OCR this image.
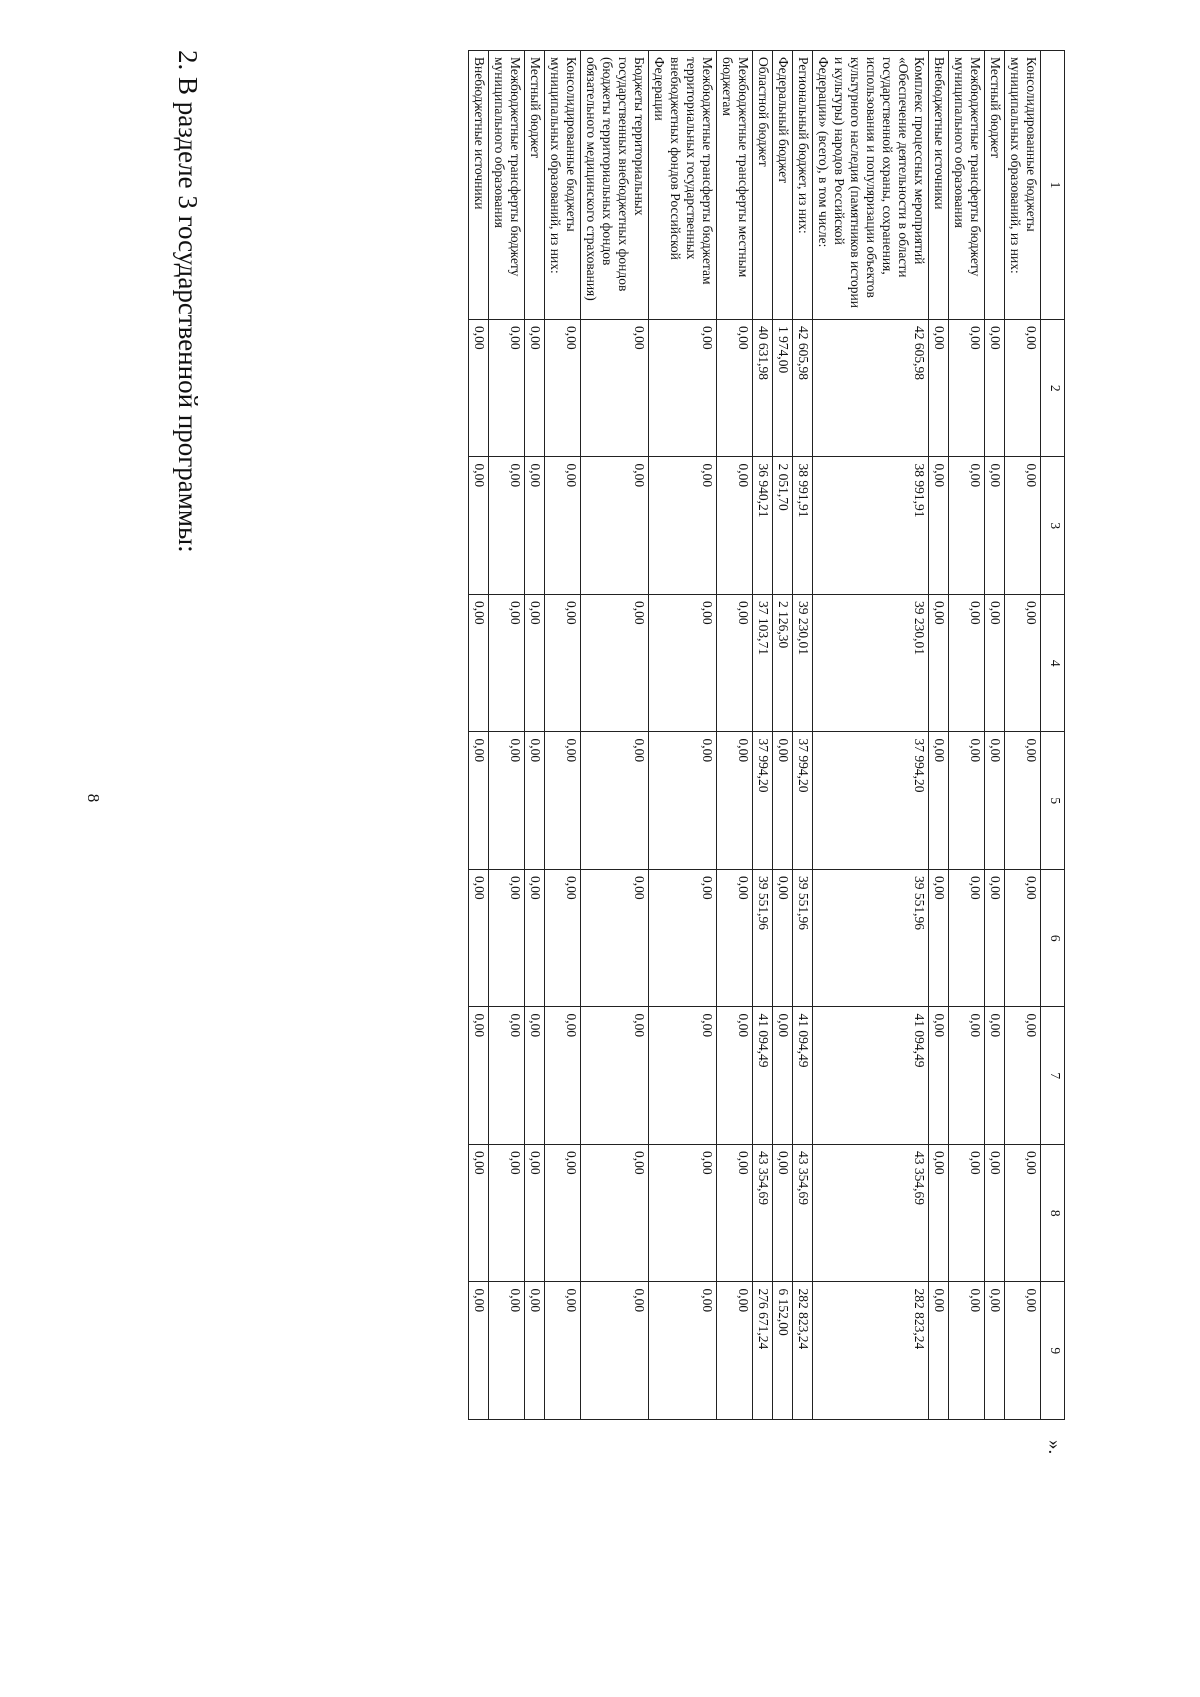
8
1	2	3	4	5	6	7	8	9
Консолидированные бюджеты муниципальных образований, из них:	0,00	0,00	0,00	0,00	0,00	0,00	0,00	0,00
Местный бюджет	0,00	0,00	0,00	0,00	0,00	0,00	0,00	0,00
Межбюджетные трансферты бюджету муниципального образования	0,00	0,00	0,00	0,00	0,00	0,00	0,00	0,00
Внебюджетные источники	0,00	0,00	0,00	0,00	0,00	0,00	0,00	0,00
Комплекс процессных мероприятий «Обеспечение деятельности в области государственной охраны, сохранения, использования и популяризации объектов культурного наследия (памятников истории и культуры) народов Российской Федерации» (всего), в том числе:	42 605,98	38 991,91	39 230,01	37 994,20	39 551,96	41 094,49	43 354,69	282 823,24
Региональный бюджет, из них:	42 605,98	38 991,91	39 230,01	37 994,20	39 551,96	41 094,49	43 354,69	282 823,24
Федеральный бюджет	1 974,00	2 051,70	2 126,30	0,00	0,00	0,00	0,00	6 152,00
Областной бюджет	40 631,98	36 940,21	37 103,71	37 994,20	39 551,96	41 094,49	43 354,69	276 671,24
Межбюджетные трансферты местным бюджетам	0,00	0,00	0,00	0,00	0,00	0,00	0,00	0,00
Межбюджетные трансферты бюджетам территориальных государственных внебюджетных фондов Российской Федерации	0,00	0,00	0,00	0,00	0,00	0,00	0,00	0,00
Бюджеты территориальных государственных внебюджетных фондов (бюджеты территориальных фондов обязательного медицинского страхования)	0,00	0,00	0,00	0,00	0,00	0,00	0,00	0,00
Консолидированные бюджеты муниципальных образований, из них:	0,00	0,00	0,00	0,00	0,00	0,00	0,00	0,00
Местный бюджет	0,00	0,00	0,00	0,00	0,00	0,00	0,00	0,00
Межбюджетные трансферты бюджету муниципального образования	0,00	0,00	0,00	0,00	0,00	0,00	0,00	0,00
Внебюджетные источники	0,00	0,00	0,00	0,00	0,00	0,00	0,00	0,00
».
2. В разделе 3 государственной программы:
